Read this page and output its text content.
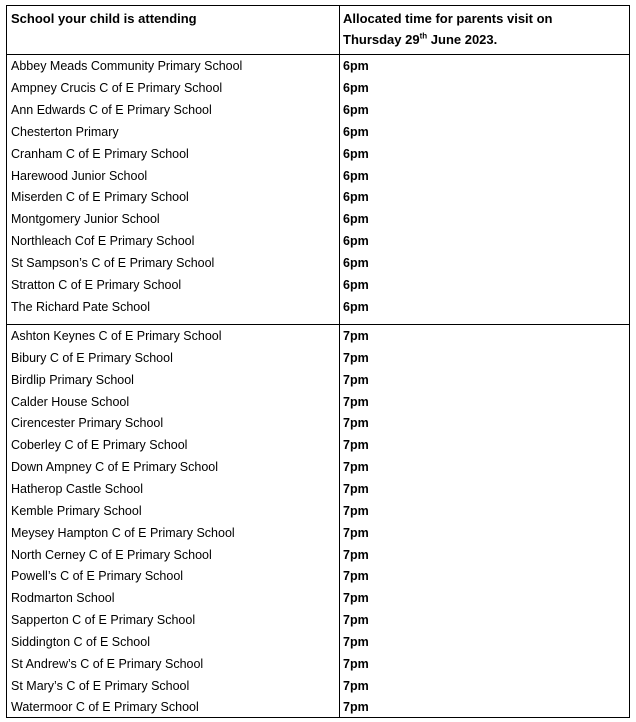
School your child is attending	Allocated time for parents visit on
Thursday 29th June 2023.
Abbey Meads Community Primary School	6pm
Ampney Crucis C of E Primary School	6pm
Ann Edwards C of E Primary School	6pm
Chesterton Primary	6pm
Cranham C of E Primary School	6pm
Harewood Junior School	6pm
Miserden C of E Primary School	6pm
Montgomery Junior School	6pm
Northleach Cof E Primary School	6pm
St Sampson’s C of E Primary School	6pm
Stratton C of E Primary School	6pm
The Richard Pate School	6pm
Ashton Keynes C of E Primary School	7pm
Bibury C of E Primary School	7pm
Birdlip Primary School	7pm
Calder House School	7pm
Cirencester Primary School	7pm
Coberley C of E Primary School	7pm
Down Ampney C of E Primary School	7pm
Hatherop Castle School	7pm
Kemble Primary School	7pm
Meysey Hampton C of E Primary School	7pm
North Cerney C of E Primary School	7pm
Powell’s C of E Primary School	7pm
Rodmarton School	7pm
Sapperton C of E Primary School	7pm
Siddington C of E School	7pm
St Andrew’s C of E Primary School	7pm
St Mary’s C of E Primary School	7pm
Watermoor C of E Primary School	7pm
